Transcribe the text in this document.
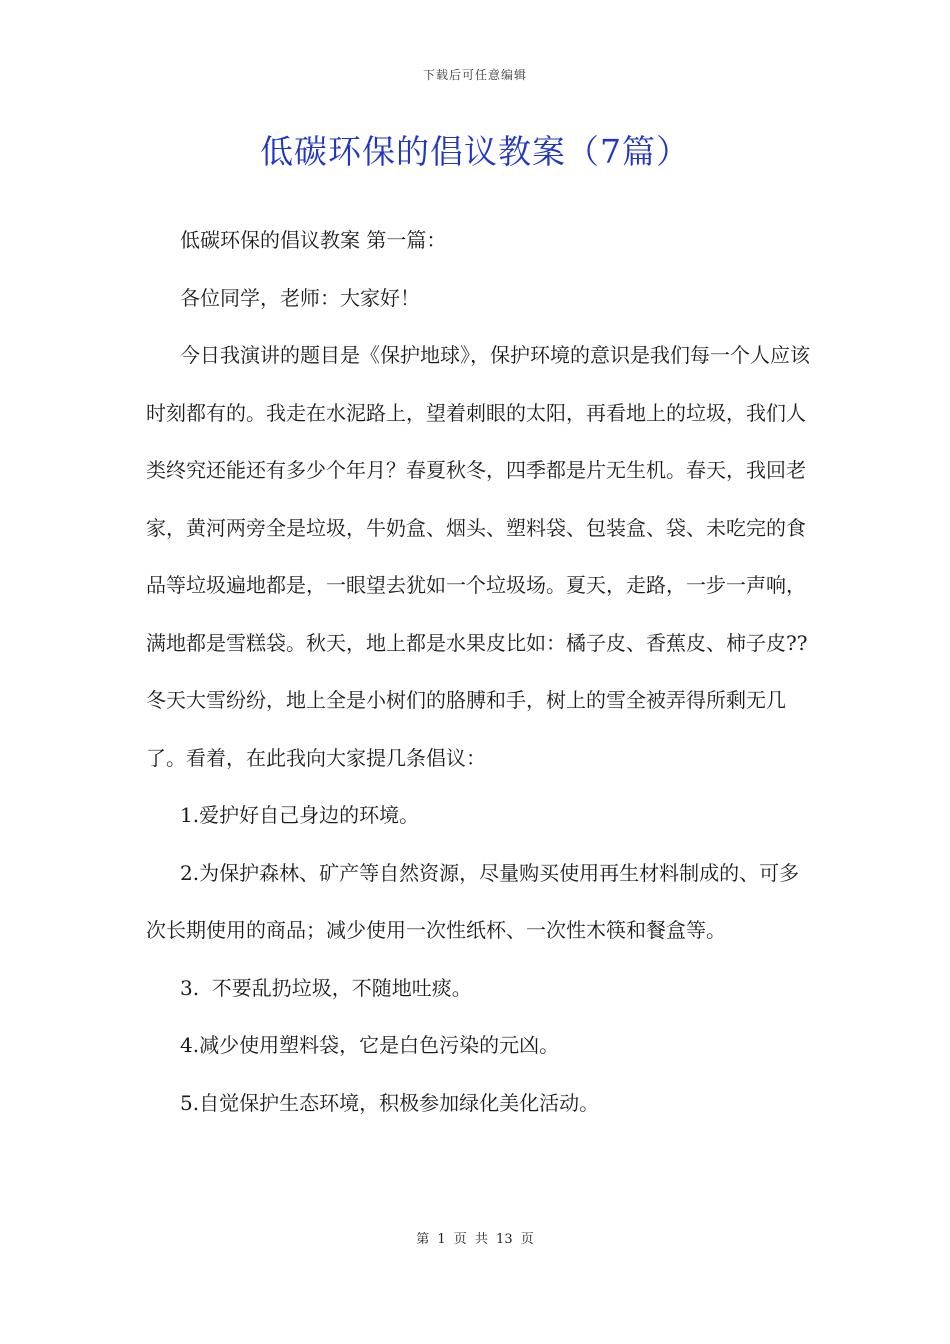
下载后可任意编辑
低碳环保的倡议教案（7篇）

低碳环保的倡议教案 第一篇：

各位同学，老师：大家好！

今日我演讲的题目是《保护地球》，保护环境的意识是我们每一个人应该时刻都有的。我走在水泥路上，望着刺眼的太阳，再看地上的垃圾，我们人类终究还能还有多少个年月？春夏秋冬，四季都是片无生机。春天，我回老家，黄河两旁全是垃圾，牛奶盒、烟头、塑料袋、包装盒、袋、未吃完的食品等垃圾遍地都是，一眼望去犹如一个垃圾场。夏天，走路，一步一声响，满地都是雪糕袋。秋天，地上都是水果皮比如：橘子皮、香蕉皮、柿子皮??冬天大雪纷纷，地上全是小树们的胳膊和手，树上的雪全被弄得所剩无几了。看着，在此我向大家提几条倡议：

1.爱护好自己身边的环境。

2.为保护森林、矿产等自然资源，尽量购买使用再生材料制成的、可多次长期使用的商品；减少使用一次性纸杯、一次性木筷和餐盒等。

3.  不要乱扔垃圾，不随地吐痰。

4.减少使用塑料袋，它是白色污染的元凶。

5.自觉保护生态环境，积极参加绿化美化活动。

第 1 页 共 13 页
